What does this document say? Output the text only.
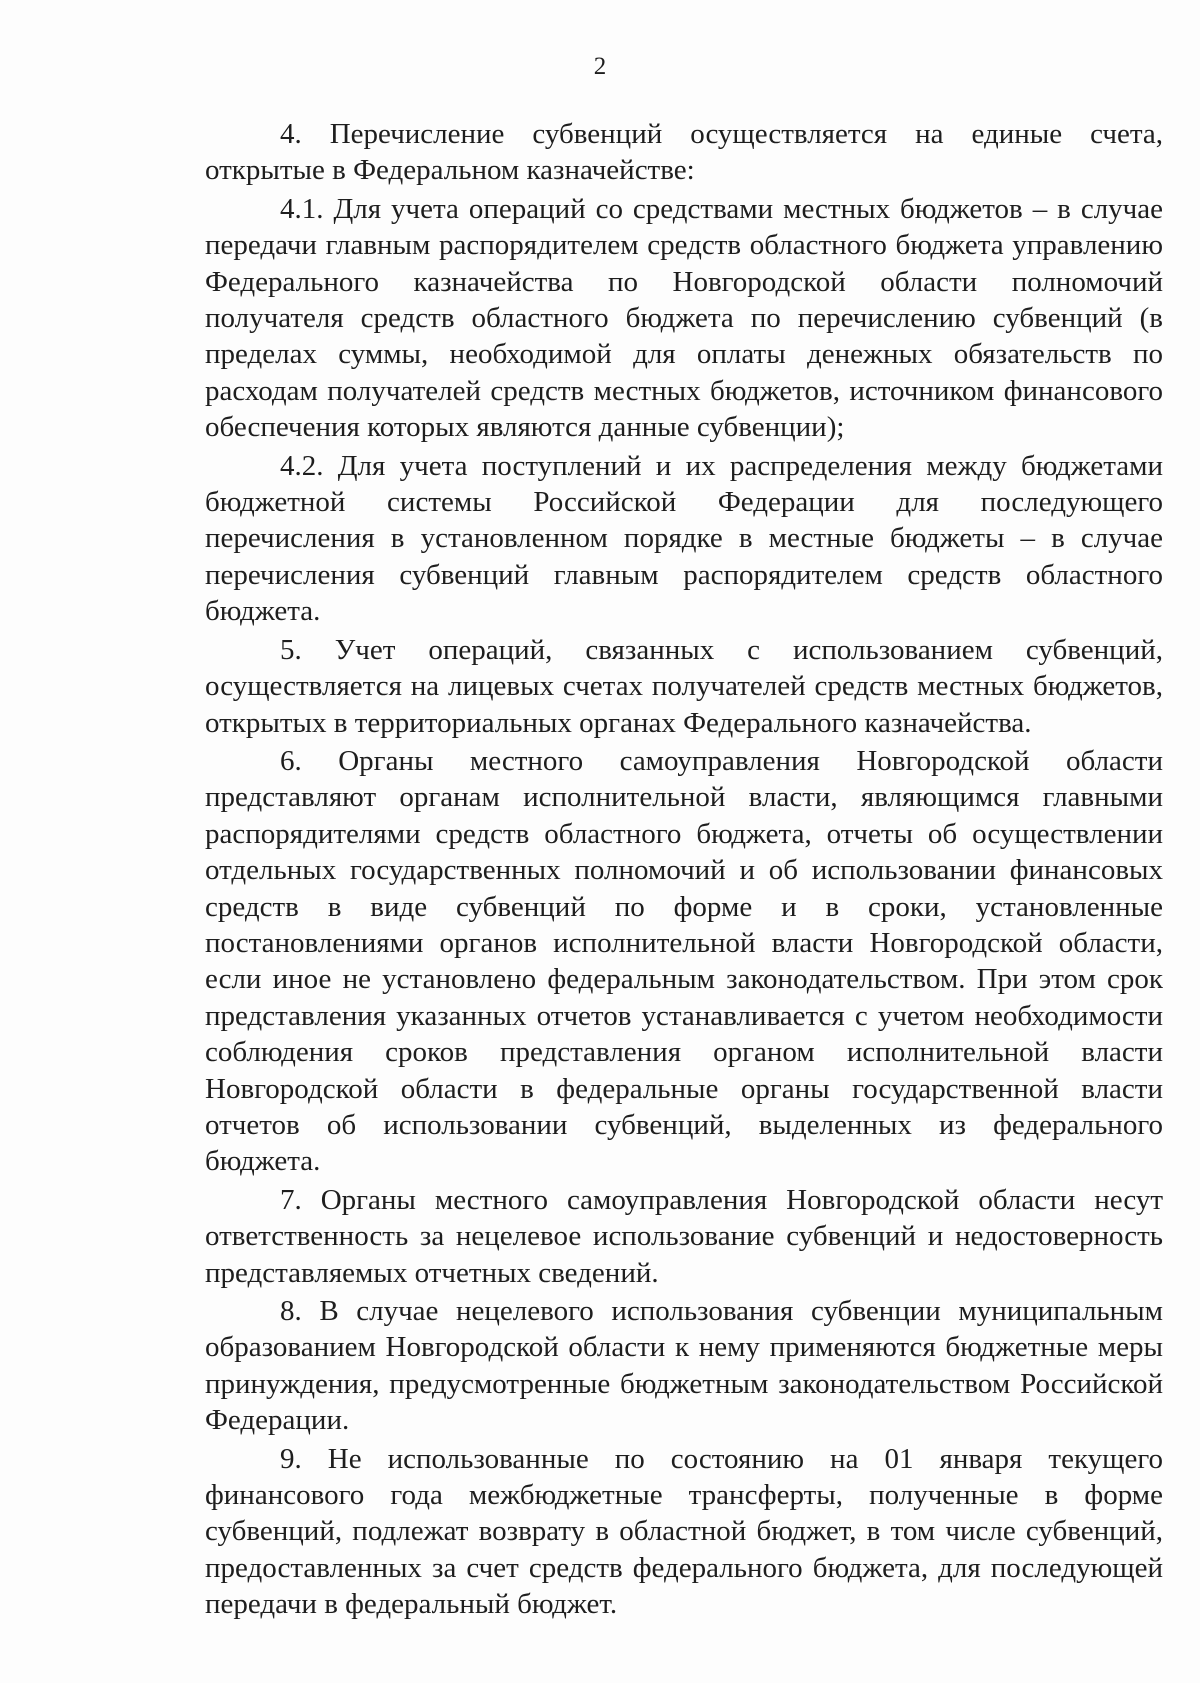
2

4. Перечисление субвенций осуществляется на единые счета, открытые в Федеральном казначействе:

4.1. Для учета операций со средствами местных бюджетов – в случае передачи главным распорядителем средств областного бюджета управлению Федерального казначейства по Новгородской области полномочий получателя средств областного бюджета по перечислению субвенций (в пределах суммы, необходимой для оплаты денежных обязательств по расходам получателей средств местных бюджетов, источником финансового обеспечения которых являются данные субвенции);

4.2. Для учета поступлений и их распределения между бюджетами бюджетной системы Российской Федерации для последующего перечисления в установленном порядке в местные бюджеты – в случае перечисления субвенций главным распорядителем средств областного бюджета.

5. Учет операций, связанных с использованием субвенций, осуществляется на лицевых счетах получателей средств местных бюджетов, открытых в территориальных органах Федерального казначейства.

6. Органы местного самоуправления Новгородской области представляют органам исполнительной власти, являющимся главными распорядителями средств областного бюджета, отчеты об осуществлении отдельных государственных полномочий и об использовании финансовых средств в виде субвенций по форме и в сроки, установленные постановлениями органов исполнительной власти Новгородской области, если иное не установлено федеральным законодательством. При этом срок представления указанных отчетов устанавливается с учетом необходимости соблюдения сроков представления органом исполнительной власти Новгородской области в федеральные органы государственной власти отчетов об использовании субвенций, выделенных из федерального бюджета.

7. Органы местного самоуправления Новгородской области несут ответственность за нецелевое использование субвенций и недостоверность представляемых отчетных сведений.

8. В случае нецелевого использования субвенции муниципальным образованием Новгородской области к нему применяются бюджетные меры принуждения, предусмотренные бюджетным законодательством Российской Федерации.

9. Не использованные по состоянию на 01 января текущего финансового года межбюджетные трансферты, полученные в форме субвенций, подлежат возврату в областной бюджет, в том числе субвенций, предоставленных за счет средств федерального бюджета, для последующей передачи в федеральный бюджет.
